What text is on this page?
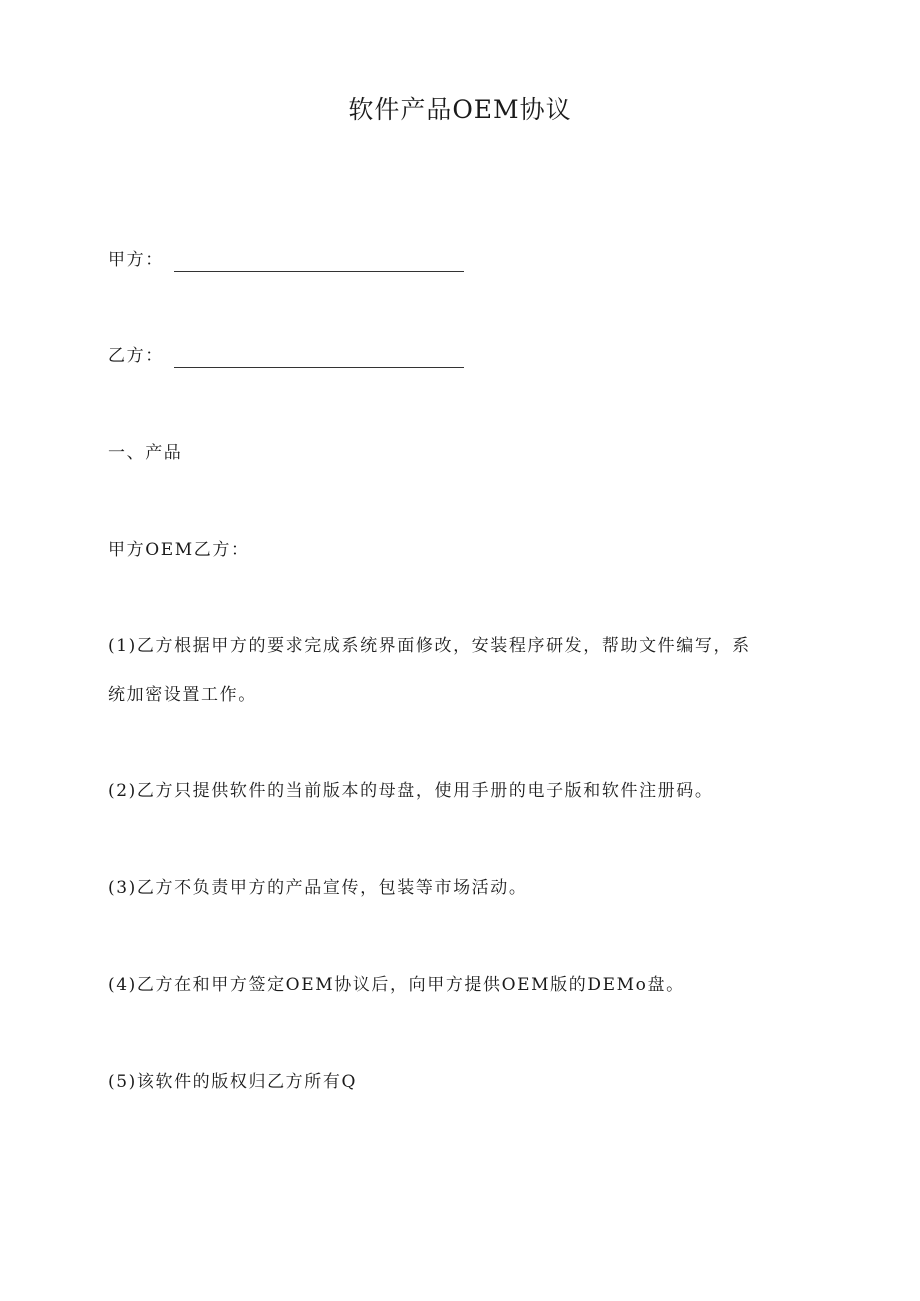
软件产品OEM协议
甲方：
乙方：
一、产品
甲方OEM乙方：
(1)乙方根据甲方的要求完成系统界面修改，安装程序研发，帮助文件编写，系
统加密设置工作。
(2)乙方只提供软件的当前版本的母盘，使用手册的电子版和软件注册码。
(3)乙方不负责甲方的产品宣传，包装等市场活动。
(4)乙方在和甲方签定OEM协议后，向甲方提供OEM版的DEMo盘。
(5)该软件的版权归乙方所有Q
